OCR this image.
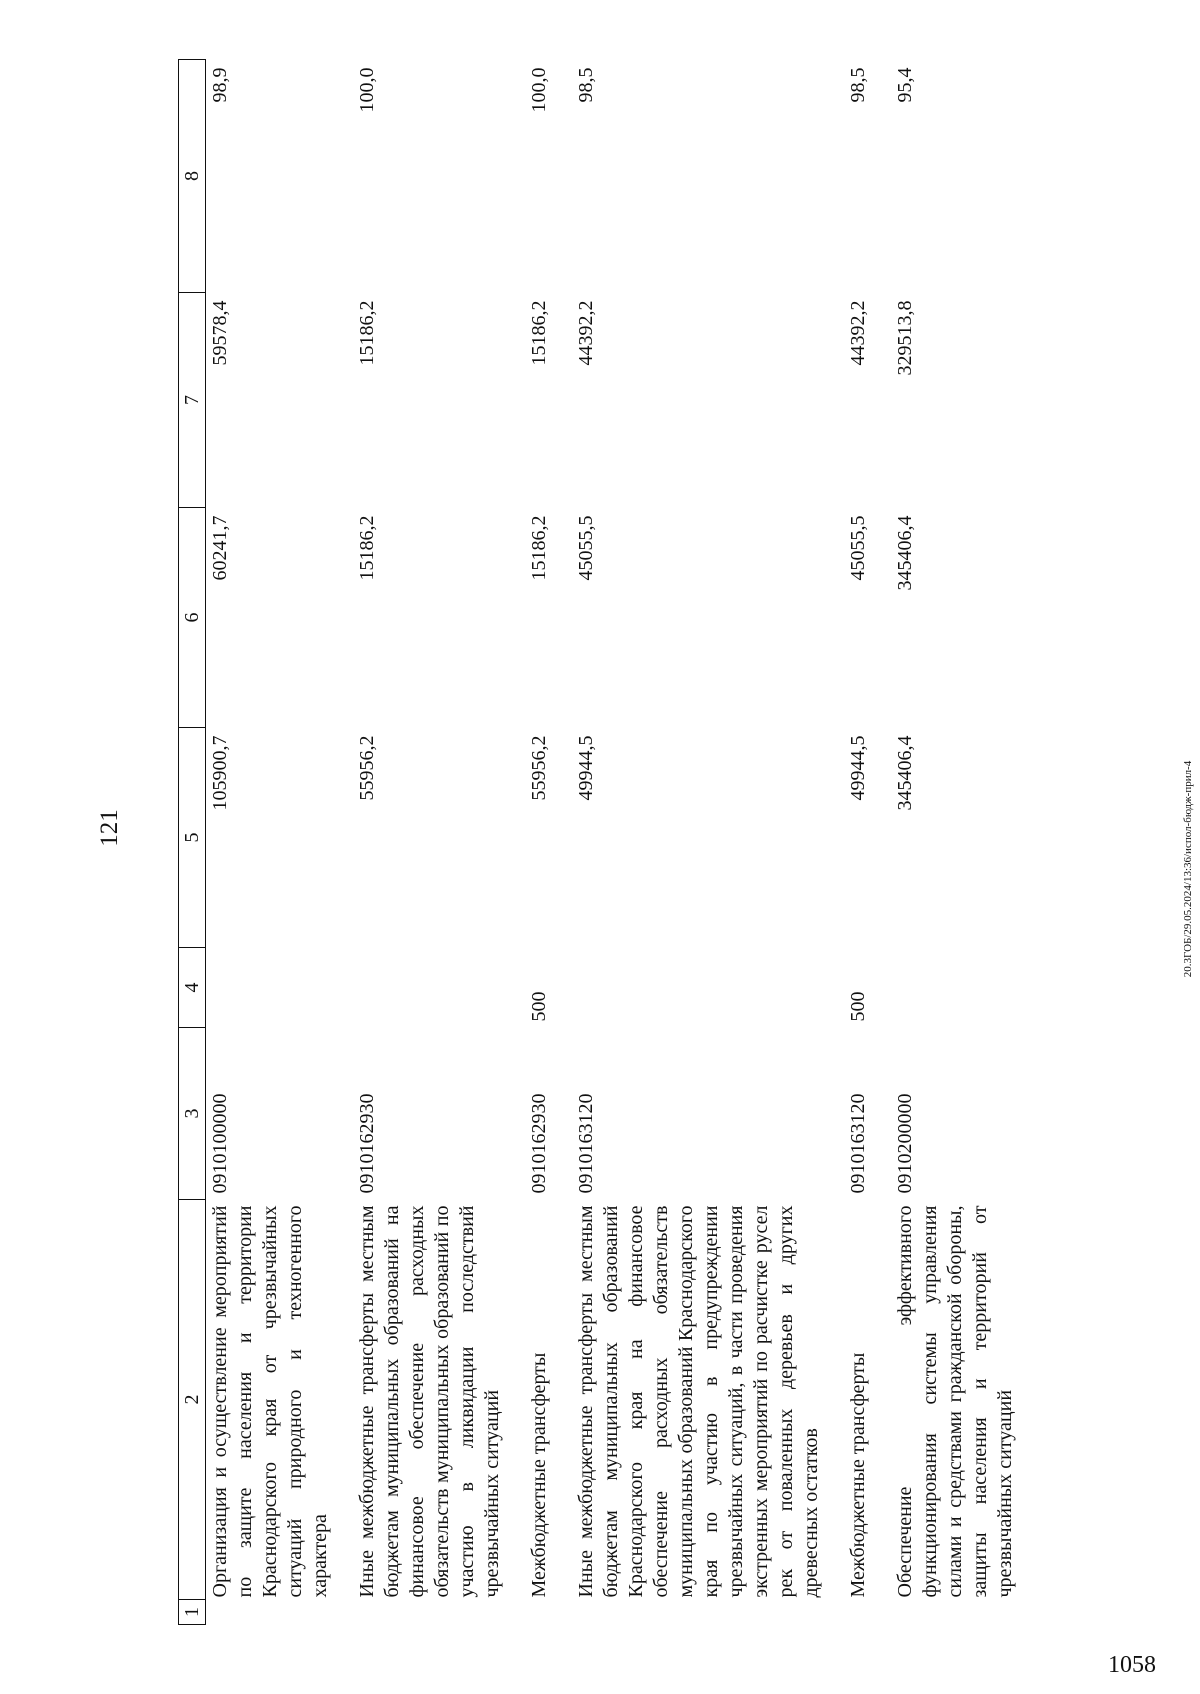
121	20.3ГОБ/29.05.2024/13:36/испол-бюдж-прил-4
1058
1	2	3	4	5	6	7	8
	Организация и осуществление мероприятий по защите населения и территории Краснодарского края от чрезвычайных ситуаций природного и техногенного характера	0910100000		105900,7	60241,7	59578,4	98,9
	Иные межбюджетные трансферты местным бюджетам муниципальных образований на финансовое обеспечение расходных обязательств муниципальных образований по участию в ликвидации последствий чрезвычайных ситуаций	0910162930		55956,2	15186,2	15186,2	100,0
	Межбюджетные трансферты	0910162930	500	55956,2	15186,2	15186,2	100,0
	Иные межбюджетные трансферты местным бюджетам муниципальных образований Краснодарского края на финансовое обеспечение расходных обязательств муниципальных образований Краснодарского края по участию в предупреждении чрезвычайных ситуаций, в части проведения экстренных мероприятий по расчистке русел рек от поваленных деревьев и других древесных остатков	0910163120		49944,5	45055,5	44392,2	98,5
	Межбюджетные трансферты	0910163120	500	49944,5	45055,5	44392,2	98,5
	Обеспечение эффективного функционирования системы управления силами и средствами гражданской обороны, защиты населения и территорий от чрезвычайных ситуаций	0910200000		345406,4	345406,4	329513,8	95,4
